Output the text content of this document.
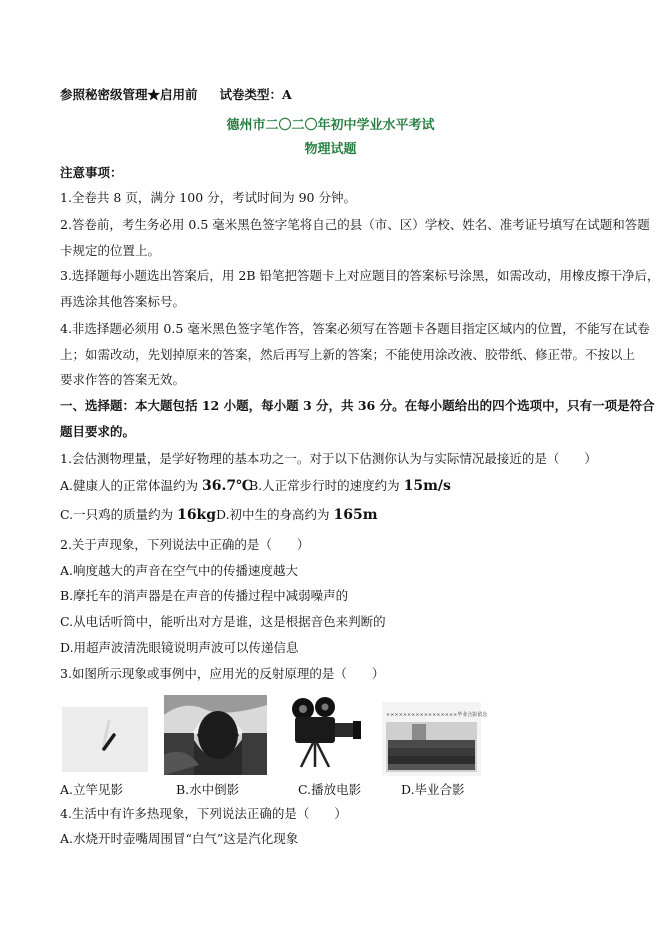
参照秘密级管理★启用前 试卷类型：A
德州市二〇二〇年初中学业水平考试
物理试题
注意事项：
1.全卷共 8 页，满分 100 分，考试时间为 90 分钟。
2.答卷前，考生务必用 0.5 毫米黑色签字笔将自己的县（市、区）学校、姓名、准考证号填写在试题和答题
卡规定的位置上。
3.选择题每小题选出答案后，用 2B 铅笔把答题卡上对应题目的答案标号涂黑，如需改动，用橡皮擦干净后，
再选涂其他答案标号。
4.非选择题必须用 0.5 毫米黑色签字笔作答，答案必须写在答题卡各题目指定区域内的位置，不能写在试卷
上；如需改动，先划掉原来的答案，然后再写上新的答案；不能使用涂改液、胶带纸、修正带。不按以上
要求作答的答案无效。
一、选择题：本大题包括 12 小题，每小题 3 分，共 36 分。在每小题给出的四个选项中，只有一项是符合
题目要求的。
1.会估测物理量，是学好物理的基本功之一。对于以下估测你认为与实际情况最接近的是（　　）
A.健康人的正常体温约为 36.7℃
B.人正常步行时的速度约为 15m/s
C.一只鸡的质量约为 16kg D.初中生的身高约为 165m
2.关于声现象，下列说法中正确的是（　　）
A.响度越大的声音在空气中的传播速度越大
B.摩托车的消声器是在声音的传播过程中减弱噪声的
C.从电话听筒中，能听出对方是谁，这是根据音色来判断的
D.用超声波清洗眼镜说明声波可以传递信息
3.如图所示现象或事例中，应用光的反射原理的是（　　）
×××××××××××××××××毕业合影留念
A.立竿见影	B.水中倒影	C.播放电影	D.毕业合影
4.生活中有许多热现象，下列说法正确的是（　　）
A.水烧开时壶嘴周围冒“白气”这是汽化现象
